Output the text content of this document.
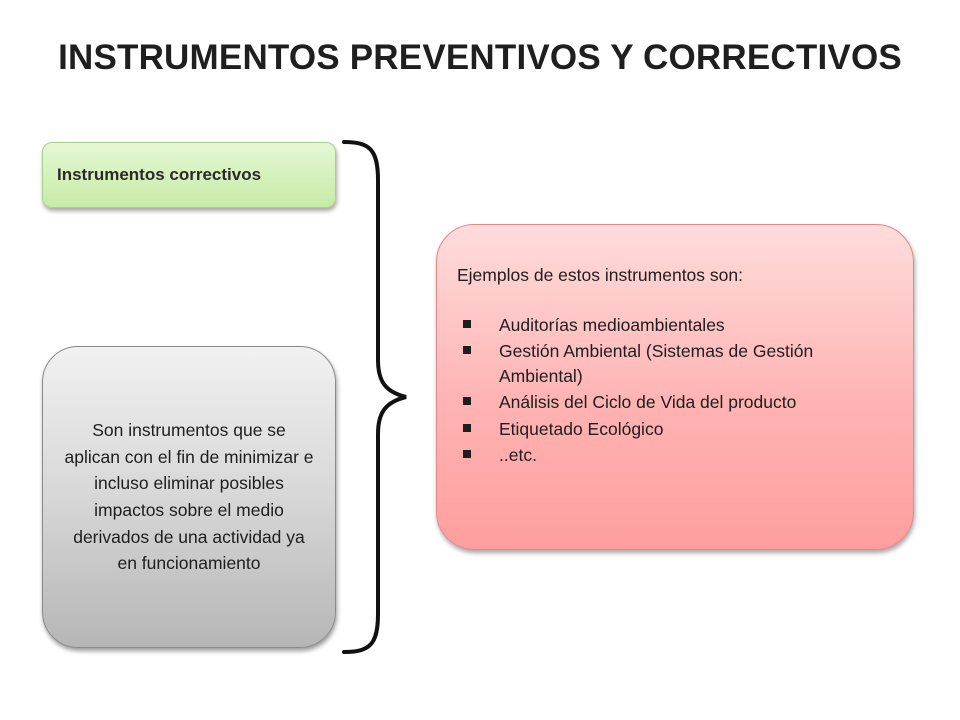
INSTRUMENTOS PREVENTIVOS Y CORRECTIVOS
Instrumentos correctivos
Son instrumentos que se aplican con el fin de minimizar e incluso eliminar posibles impactos sobre el medio derivados de una actividad ya en funcionamiento

Ejemplos de estos instrumentos son:

Auditorías medioambientales
Gestión Ambiental (Sistemas de Gestión Ambiental)
Análisis del Ciclo de Vida del producto
Etiquetado Ecológico
..etc.
